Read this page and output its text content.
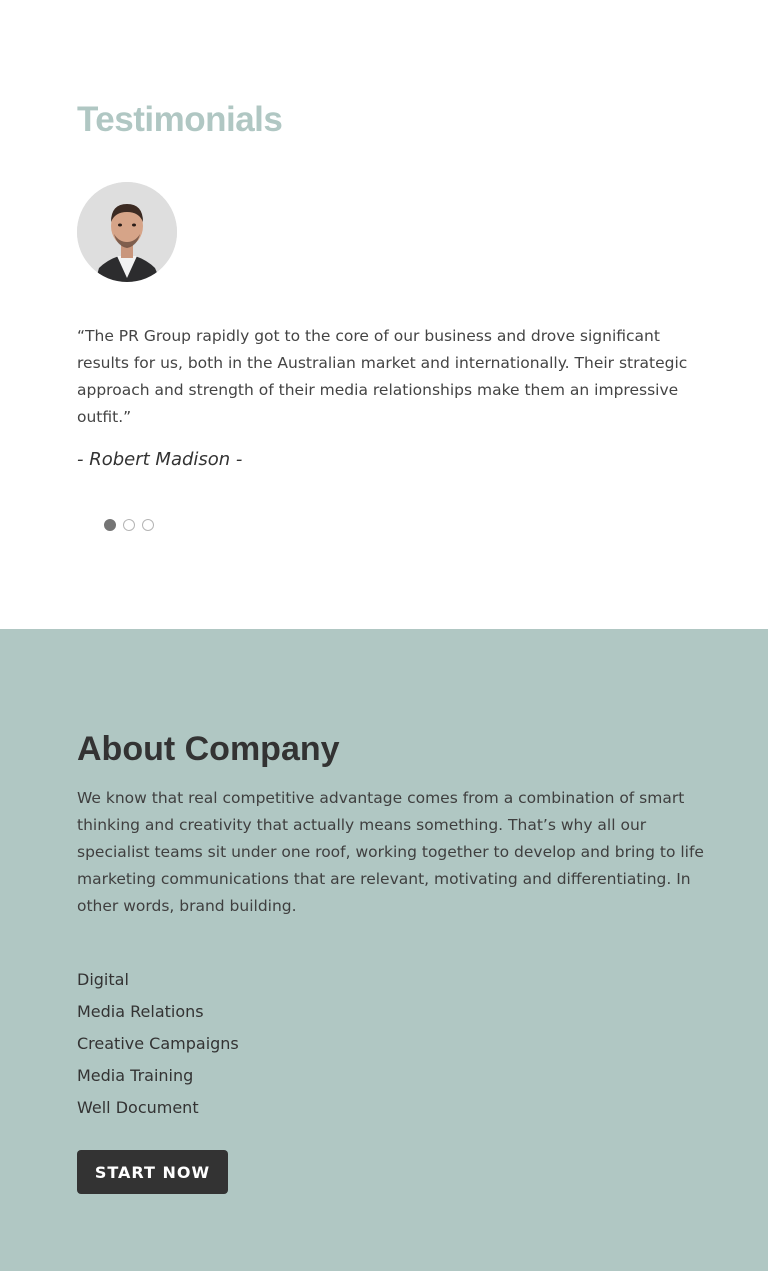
Testimonials

“The PR Group rapidly got to the core of our business and drove significant results for us, both in the Australian market and internationally. Their strategic approach and strength of their media relationships make them an impressive outfit.”

- Robert Madison -

About Company

We know that real competitive advantage comes from a combination of smart thinking and creativity that actually means something. That’s why all our specialist teams sit under one roof, working together to develop and bring to life marketing communications that are relevant, motivating and differentiating. In other words, brand building.

Digital
Media Relations
Creative Campaigns
Media Training
Well Document
START NOW
